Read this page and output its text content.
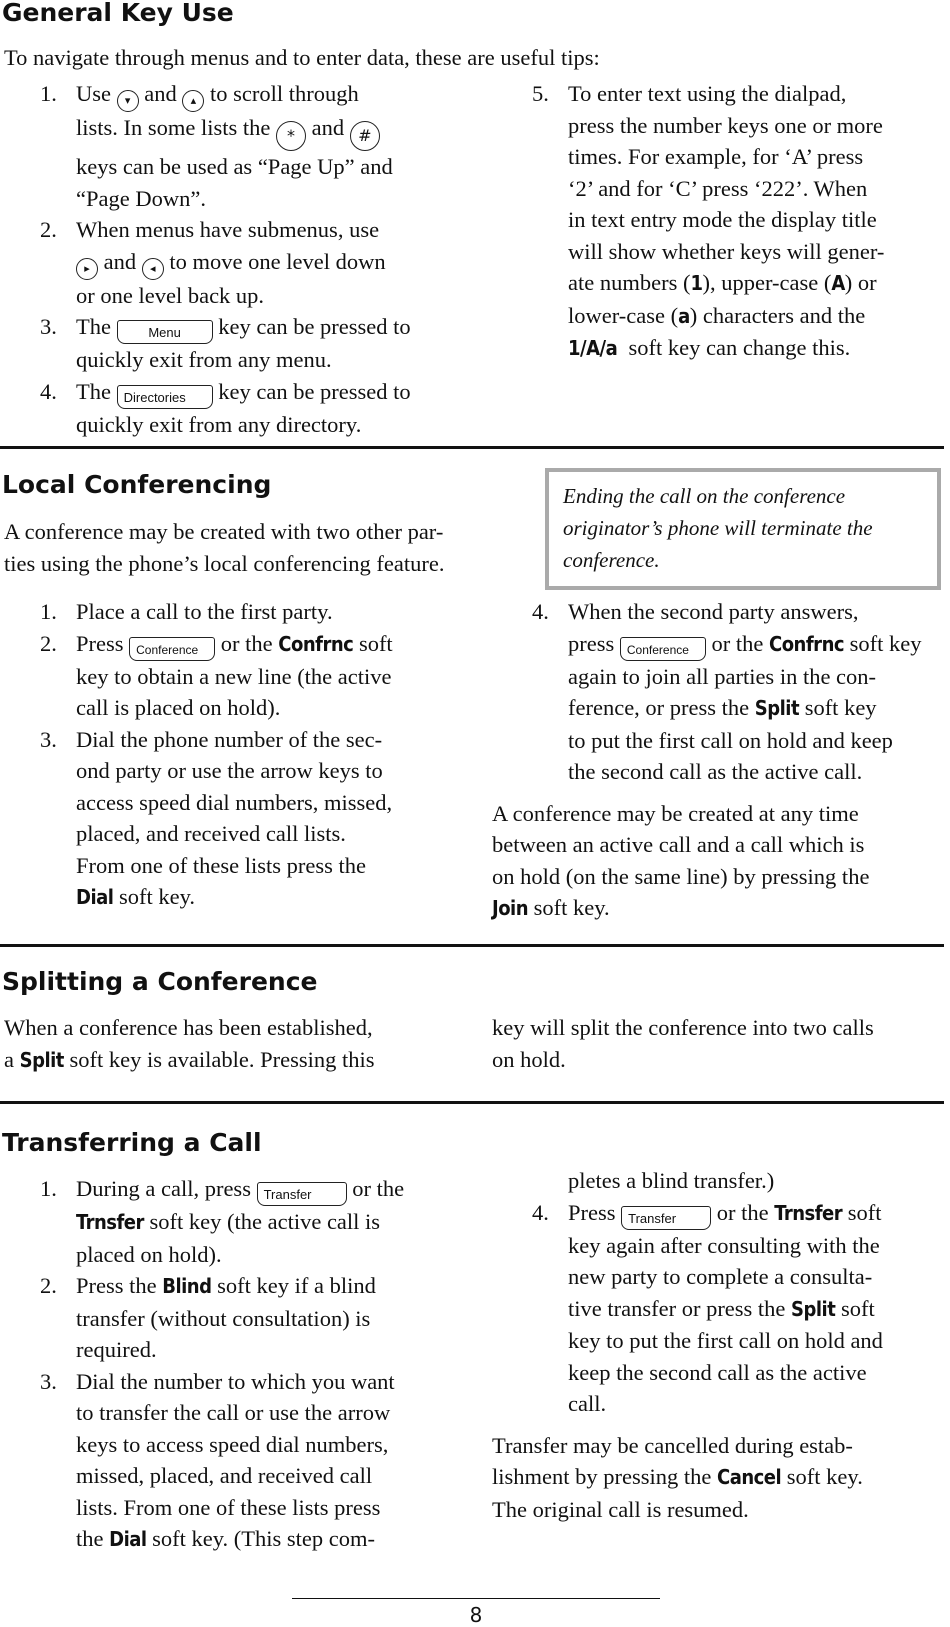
General Key Use

To navigate through menus and to enter data, these are useful tips:

1. Use ▾ and ▴ to scroll through
lists. In some lists the * and #
keys can be used as “Page Up” and
“Page Down”.
2. When menus have submenus, use
▸ and ◂ to move one level down
or one level back up.
3. The	Menu key can be pressed to
quickly exit from any menu.
4. The Directories key can be pressed to
quickly exit from any directory.
5. To enter text using the dialpad,
press the number keys one or more
times. For example, for ‘A’ press
‘2’ and for ‘C’ press ‘222’. When
in text entry mode the display title
will show whether keys will gener-
ate numbers (1), upper-case (A) or
lower-case (a) characters and the
1/A/a soft key can change this.
Local Conferencing

A conference may be created with two other par-
ties using the phone’s local conferencing feature.

Ending the call on the conference
originator’s phone will terminate the
conference.
1. Place a call to the first party.
2. Press Conference or the Confrnc soft
key to obtain a new line (the active
call is placed on hold).
3. Dial the phone number of the sec-
ond party or use the arrow keys to
access speed dial numbers, missed,
placed, and received call lists.
From one of these lists press the
Dial soft key.
4. When the second party answers,
press Conference or the Confrnc soft key
again to join all parties in the con-
ference, or press the Split soft key
to put the first call on hold and keep
the second call as the active call.

A conference may be created at any time
between an active call and a call which is
on hold (on the same line) by pressing the
Join soft key.

Splitting a Conference

When a conference has been established,
a Split soft key is available. Pressing this

key will split the conference into two calls
on hold.

Transferring a Call
1. During a call, press Transfer or the
Trnsfer soft key (the active call is
placed on hold).
2. Press the Blind soft key if a blind
transfer (without consultation) is
required.
3. Dial the number to which you want
to transfer the call or use the arrow
keys to access speed dial numbers,
missed, placed, and received call
lists. From one of these lists press
the Dial soft key. (This step com-

pletes a blind transfer.)

4. Press Transfer or the Trnsfer soft
key again after consulting with the
new party to complete a consulta-
tive transfer or press the Split soft
key to put the first call on hold and
keep the second call as the active
call.

Transfer may be cancelled during estab-
lishment by pressing the Cancel soft key.
The original call is resumed.

8
